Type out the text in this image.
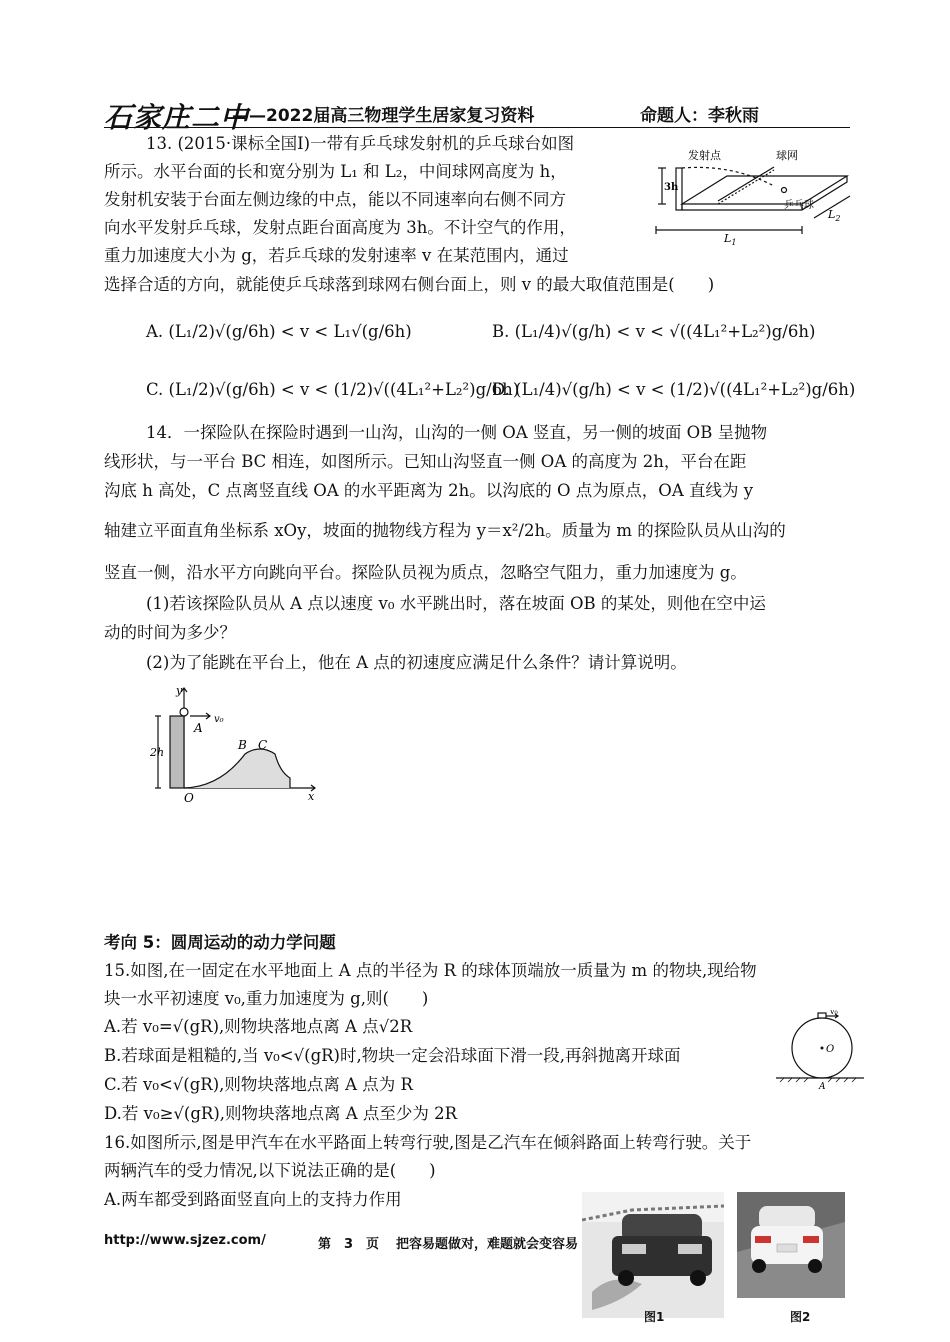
石家庄二中
——2022届高三物理学生居家复习资料	命题人：李秋雨
13. (2015·课标全国Ⅰ)一带有乒乓球发射机的乒乓球台如图
所示。水平台面的长和宽分别为 L₁ 和 L₂，中间球网高度为 h，
发射机安装于台面左侧边缘的中点，能以不同速率向右侧不同方
向水平发射乒乓球，发射点距台面高度为 3h。不计空气的作用，
重力加速度大小为 g，若乒乓球的发射速率 v 在某范围内，通过
选择合适的方向，就能使乒乓球落到球网右侧台面上，则 v 的最大取值范围是(　　)
发射点	球网
乒乓球
3h
$L_1$
$L_2$
A. (L₁/2)√(g/6h) < v < L₁√(g/6h)	B. (L₁/4)√(g/h) < v < √((4L₁²+L₂²)g/6h)
C. (L₁/2)√(g/6h) < v < (1/2)√((4L₁²+L₂²)g/6h)
D. (L₁/4)√(g/h) < v < (1/2)√((4L₁²+L₂²)g/6h)
14．一探险队在探险时遇到一山沟，山沟的一侧 OA 竖直，另一侧的坡面 OB 呈抛物
线形状，与一平台 BC 相连，如图所示。已知山沟竖直一侧 OA 的高度为 2h，平台在距
沟底 h 高处，C 点离竖直线 OA 的水平距离为 2h。以沟底的 O 点为原点，OA 直线为 y
轴建立平面直角坐标系 xOy，坡面的抛物线方程为 y＝x²/2h。质量为 m 的探险队员从山沟的
竖直一侧，沿水平方向跳向平台。探险队员视为质点，忽略空气阻力，重力加速度为 g。
(1)若该探险队员从 A 点以速度 v₀ 水平跳出时，落在坡面 OB 的某处，则他在空中运
动的时间为多少？
(2)为了能跳在平台上，他在 A 点的初速度应满足什么条件？请计算说明。
y
x
O
A
B C
2h
v₀
考向 5：圆周运动的动力学问题
15.如图,在一固定在水平地面上 A 点的半径为 R 的球体顶端放一质量为 m 的物块,现给物
块一水平初速度 v₀,重力加速度为 g,则(　　)
A.若 v₀=√(gR),则物块落地点离 A 点√2R
B.若球面是粗糙的,当 v₀<√(gR)时,物块一定会沿球面下滑一段,再斜抛离开球面
C.若 v₀<√(gR),则物块落地点离 A 点为 R
D.若 v₀≥√(gR),则物块落地点离 A 点至少为 2R
O
A
v₀
16.如图所示,图是甲汽车在水平路面上转弯行驶,图是乙汽车在倾斜路面上转弯行驶。关于
两辆汽车的受力情况,以下说法正确的是(　　)
A.两车都受到路面竖直向上的支持力作用
图1	图2
http://www.sjzez.com/	第　3　页 把容易题做对，难题就会变容易
